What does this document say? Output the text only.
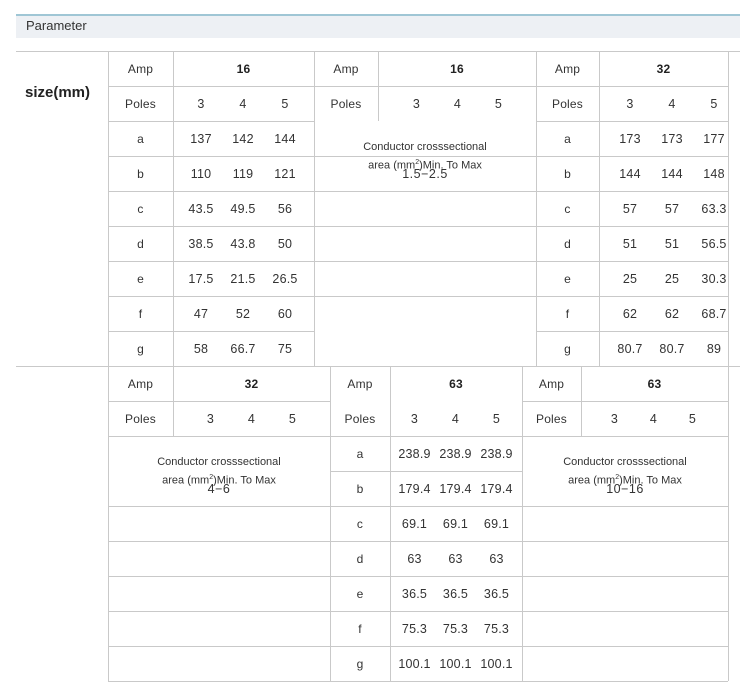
Parameter
size(mm)
Amp	16
Poles	3	4	5
a	137	142	144
b	110	119	121
c	43.5	49.5	56
d	38.5	43.8	50
e	17.5	21.5	26.5
f	47	52	60
g	58	66.7	75
Amp	16
Poles	3	4	5
Conductor crosssectional
area $(mm^2)Min$. To Max
1.5−2.5
Amp	32
Poles	3	4	5
a	173	173	177
b	144	144	148
c	57	57	63.3
d	51	51	56.5
e	25	25	30.3
f	62	62	68.7
g	80.7	80.7	89
Amp	32
Poles	3	4	5
Conductor crosssectional
area $(mm^2)Min$. To Max
4−6
Amp	63
Poles	3	4	5
a	238.9 238.9 238.9
b	179.4 179.4 179.4
c	69.1	69.1	69.1
d	63	63	63
e	36.5	36.5	36.5
f	75.3	75.3	75.3
g	100.1 100.1 100.1
Amp	63
Poles	3	4	5
Conductor crosssectional
area $(mm^2)Min$. To Max
10−16
